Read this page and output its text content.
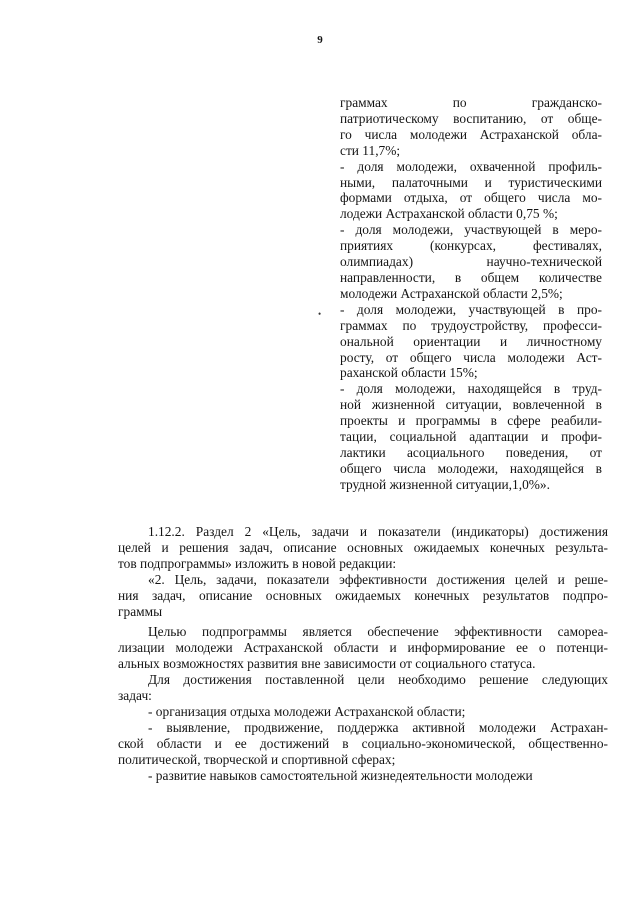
9
•
граммах по гражданско-
патриотическому воспитанию, от обще-
го числа молодежи Астраханской обла-
сти 11,7%;
- доля молодежи, охваченной профиль-
ными, палаточными и туристическими
формами отдыха, от общего числа мо-
лодежи Астраханской области 0,75 %;
- доля молодежи, участвующей в меро-
приятиях (конкурсах, фестивалях,
олимпиадах) научно-технической
направленности, в общем количестве
молодежи Астраханской области 2,5%;
- доля молодежи, участвующей в про-
граммах по трудоустройству, професси-
ональной ориентации и личностному
росту, от общего числа молодежи Аст-
раханской области 15%;
- доля молодежи, находящейся в труд-
ной жизненной ситуации, вовлеченной в
проекты и программы в сфере реабили-
тации, социальной адаптации и профи-
лактики асоциального поведения, от
общего числа молодежи, находящейся в
трудной жизненной ситуации,1,0%».
1.12.2. Раздел 2 «Цель, задачи и показатели (индикаторы) достижения
целей и решения задач, описание основных ожидаемых конечных результа-
тов подпрограммы» изложить в новой редакции:
«2. Цель, задачи, показатели эффективности достижения целей и реше-
ния задач, описание основных ожидаемых конечных результатов подпро-
граммы
Целью подпрограммы является обеспечение эффективности самореа-
лизации молодежи Астраханской области и информирование ее о потенци-
альных возможностях развития вне зависимости от социального статуса.
Для достижения поставленной цели необходимо решение следующих
задач:
- организация отдыха молодежи Астраханской области;
- выявление, продвижение, поддержка активной молодежи Астрахан-
ской области и ее достижений в социально-экономической, общественно-
политической, творческой и спортивной сферах;
- развитие навыков самостоятельной жизнедеятельности молодежи
